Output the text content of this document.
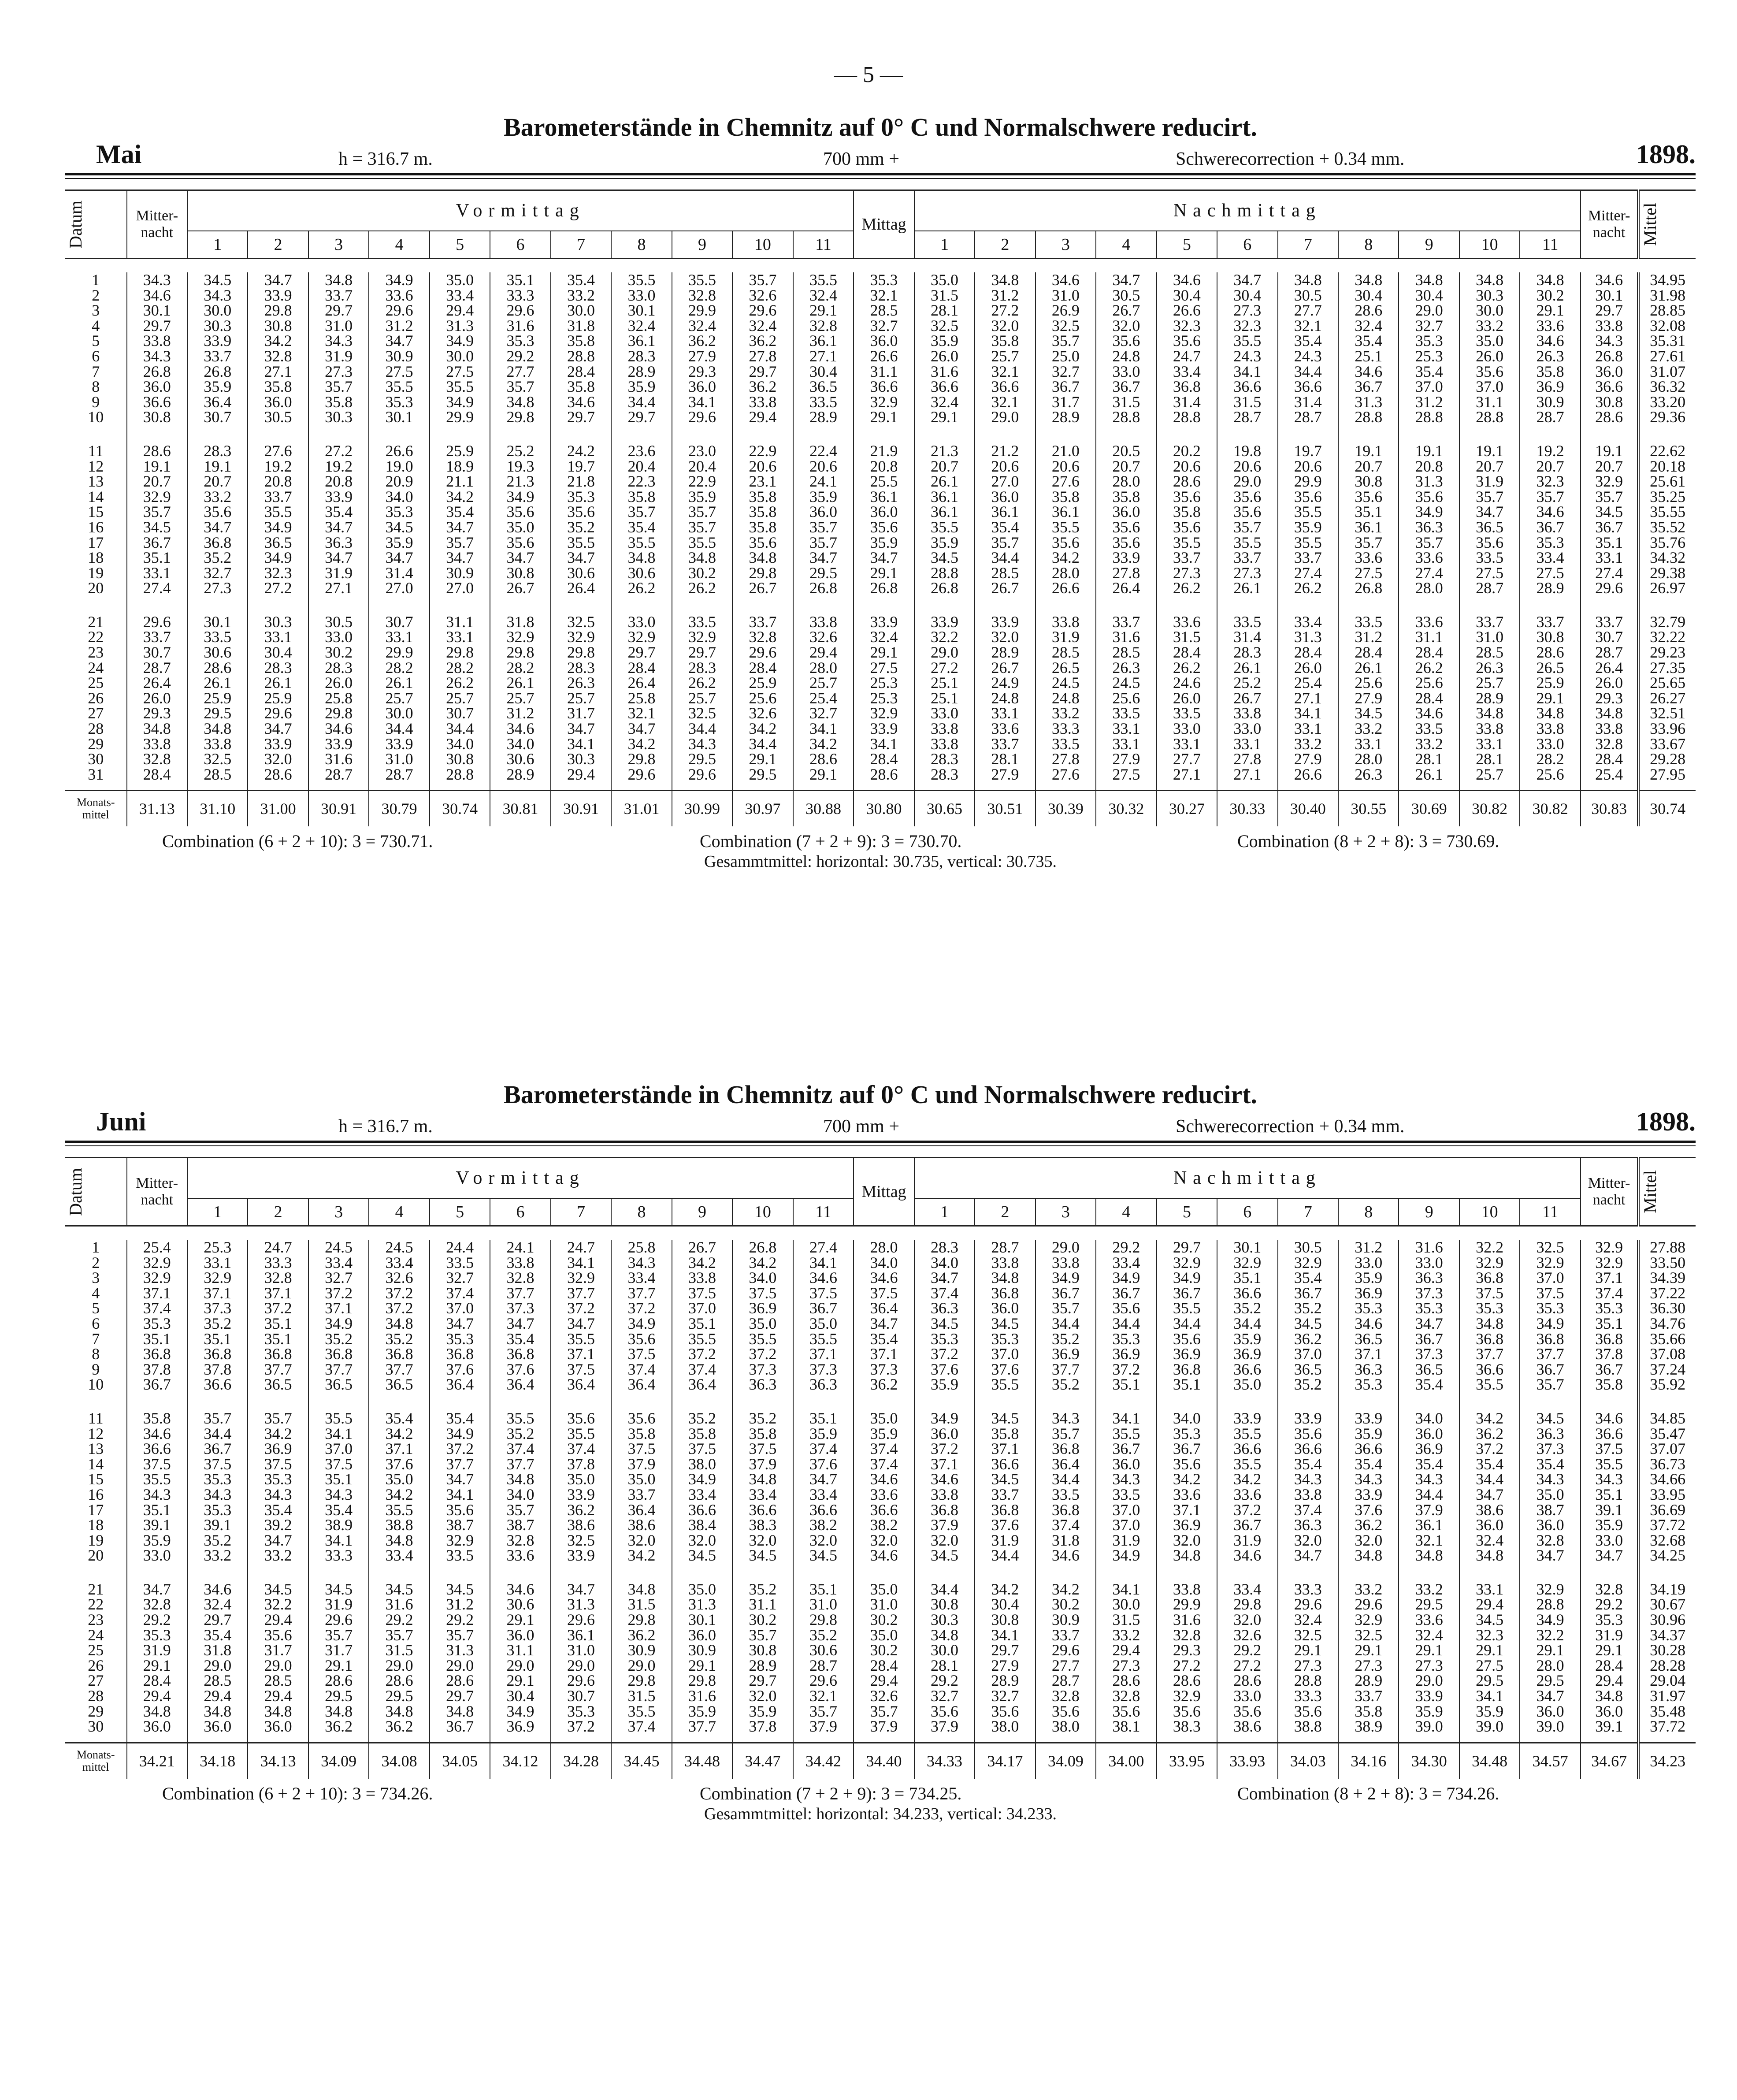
— 5 —
Barometerstände in Chemnitz auf 0° C und Normalschwere reducirt.
Mai	h = 316.7 m.	700 mm +	Schwerecorrection + 0.34 mm.	1898.
Datum	Mitter-nacht	Vormittag											Mittag	Nachmittag											Mitter-nacht	Mittel

		1	2	3	4	5	6	7	8	9	10	11		1	2	3	4	5	6	7	8	9	10	11		

1	34.3	34.5	34.7	34.8	34.9	35.0	35.1	35.4	35.5	35.5	35.7	35.5	35.3	35.0	34.8	34.6	34.7	34.6	34.7	34.8	34.8	34.8	34.8	34.8	34.6	34.95
2	34.6	34.3	33.9	33.7	33.6	33.4	33.3	33.2	33.0	32.8	32.6	32.4	32.1	31.5	31.2	31.0	30.5	30.4	30.4	30.5	30.4	30.4	30.3	30.2	30.1	31.98
3	30.1	30.0	29.8	29.7	29.6	29.4	29.6	30.0	30.1	29.9	29.6	29.1	28.5	28.1	27.2	26.9	26.7	26.6	27.3	27.7	28.6	29.0	30.0	29.1	29.7	28.85
4	29.7	30.3	30.8	31.0	31.2	31.3	31.6	31.8	32.4	32.4	32.4	32.8	32.7	32.5	32.0	32.5	32.0	32.3	32.3	32.1	32.4	32.7	33.2	33.6	33.8	32.08
5	33.8	33.9	34.2	34.3	34.7	34.9	35.3	35.8	36.1	36.2	36.2	36.1	36.0	35.9	35.8	35.7	35.6	35.6	35.5	35.4	35.4	35.3	35.0	34.6	34.3	35.31
6	34.3	33.7	32.8	31.9	30.9	30.0	29.2	28.8	28.3	27.9	27.8	27.1	26.6	26.0	25.7	25.0	24.8	24.7	24.3	24.3	25.1	25.3	26.0	26.3	26.8	27.61
7	26.8	26.8	27.1	27.3	27.5	27.5	27.7	28.4	28.9	29.3	29.7	30.4	31.1	31.6	32.1	32.7	33.0	33.4	34.1	34.4	34.6	35.4	35.6	35.8	36.0	31.07
8	36.0	35.9	35.8	35.7	35.5	35.5	35.7	35.8	35.9	36.0	36.2	36.5	36.6	36.6	36.6	36.7	36.7	36.8	36.6	36.6	36.7	37.0	37.0	36.9	36.6	36.32
9	36.6	36.4	36.0	35.8	35.3	34.9	34.8	34.6	34.4	34.1	33.8	33.5	32.9	32.4	32.1	31.7	31.5	31.4	31.5	31.4	31.3	31.2	31.1	30.9	30.8	33.20
10	30.8	30.7	30.5	30.3	30.1	29.9	29.8	29.7	29.7	29.6	29.4	28.9	29.1	29.1	29.0	28.9	28.8	28.8	28.7	28.7	28.8	28.8	28.8	28.7	28.6	29.36

11	28.6	28.3	27.6	27.2	26.6	25.9	25.2	24.2	23.6	23.0	22.9	22.4	21.9	21.3	21.2	21.0	20.5	20.2	19.8	19.7	19.1	19.1	19.1	19.2	19.1	22.62
12	19.1	19.1	19.2	19.2	19.0	18.9	19.3	19.7	20.4	20.4	20.6	20.6	20.8	20.7	20.6	20.6	20.7	20.6	20.6	20.6	20.7	20.8	20.7	20.7	20.7	20.18
13	20.7	20.7	20.8	20.8	20.9	21.1	21.3	21.8	22.3	22.9	23.1	24.1	25.5	26.1	27.0	27.6	28.0	28.6	29.0	29.9	30.8	31.3	31.9	32.3	32.9	25.61
14	32.9	33.2	33.7	33.9	34.0	34.2	34.9	35.3	35.8	35.9	35.8	35.9	36.1	36.1	36.0	35.8	35.8	35.6	35.6	35.6	35.6	35.6	35.7	35.7	35.7	35.25
15	35.7	35.6	35.5	35.4	35.3	35.4	35.6	35.6	35.7	35.7	35.8	36.0	36.0	36.1	36.1	36.1	36.0	35.8	35.6	35.5	35.1	34.9	34.7	34.6	34.5	35.55
16	34.5	34.7	34.9	34.7	34.5	34.7	35.0	35.2	35.4	35.7	35.8	35.7	35.6	35.5	35.4	35.5	35.6	35.6	35.7	35.9	36.1	36.3	36.5	36.7	36.7	35.52
17	36.7	36.8	36.5	36.3	35.9	35.7	35.6	35.5	35.5	35.5	35.6	35.7	35.9	35.9	35.7	35.6	35.6	35.5	35.5	35.5	35.7	35.7	35.6	35.3	35.1	35.76
18	35.1	35.2	34.9	34.7	34.7	34.7	34.7	34.7	34.8	34.8	34.8	34.7	34.7	34.5	34.4	34.2	33.9	33.7	33.7	33.7	33.6	33.6	33.5	33.4	33.1	34.32
19	33.1	32.7	32.3	31.9	31.4	30.9	30.8	30.6	30.6	30.2	29.8	29.5	29.1	28.8	28.5	28.0	27.8	27.3	27.3	27.4	27.5	27.4	27.5	27.5	27.4	29.38
20	27.4	27.3	27.2	27.1	27.0	27.0	26.7	26.4	26.2	26.2	26.7	26.8	26.8	26.8	26.7	26.6	26.4	26.2	26.1	26.2	26.8	28.0	28.7	28.9	29.6	26.97

21	29.6	30.1	30.3	30.5	30.7	31.1	31.8	32.5	33.0	33.5	33.7	33.8	33.9	33.9	33.9	33.8	33.7	33.6	33.5	33.4	33.5	33.6	33.7	33.7	33.7	32.79
22	33.7	33.5	33.1	33.0	33.1	33.1	32.9	32.9	32.9	32.9	32.8	32.6	32.4	32.2	32.0	31.9	31.6	31.5	31.4	31.3	31.2	31.1	31.0	30.8	30.7	32.22
23	30.7	30.6	30.4	30.2	29.9	29.8	29.8	29.8	29.7	29.7	29.6	29.4	29.1	29.0	28.9	28.5	28.5	28.4	28.3	28.4	28.4	28.4	28.5	28.6	28.7	29.23
24	28.7	28.6	28.3	28.3	28.2	28.2	28.2	28.3	28.4	28.3	28.4	28.0	27.5	27.2	26.7	26.5	26.3	26.2	26.1	26.0	26.1	26.2	26.3	26.5	26.4	27.35
25	26.4	26.1	26.1	26.0	26.1	26.2	26.1	26.3	26.4	26.2	25.9	25.7	25.3	25.1	24.9	24.5	24.5	24.6	25.2	25.4	25.6	25.6	25.7	25.9	26.0	25.65
26	26.0	25.9	25.9	25.8	25.7	25.7	25.7	25.7	25.8	25.7	25.6	25.4	25.3	25.1	24.8	24.8	25.6	26.0	26.7	27.1	27.9	28.4	28.9	29.1	29.3	26.27
27	29.3	29.5	29.6	29.8	30.0	30.7	31.2	31.7	32.1	32.5	32.6	32.7	32.9	33.0	33.1	33.2	33.5	33.5	33.8	34.1	34.5	34.6	34.8	34.8	34.8	32.51
28	34.8	34.8	34.7	34.6	34.4	34.4	34.6	34.7	34.7	34.4	34.2	34.1	33.9	33.8	33.6	33.3	33.1	33.0	33.0	33.1	33.2	33.5	33.8	33.8	33.8	33.96
29	33.8	33.8	33.9	33.9	33.9	34.0	34.0	34.1	34.2	34.3	34.4	34.2	34.1	33.8	33.7	33.5	33.1	33.1	33.1	33.2	33.1	33.2	33.1	33.0	32.8	33.67
30	32.8	32.5	32.0	31.6	31.0	30.8	30.6	30.3	29.8	29.5	29.1	28.6	28.4	28.3	28.1	27.8	27.9	27.7	27.8	27.9	28.0	28.1	28.1	28.2	28.4	29.28
31	28.4	28.5	28.6	28.7	28.7	28.8	28.9	29.4	29.6	29.6	29.5	29.1	28.6	28.3	27.9	27.6	27.5	27.1	27.1	26.6	26.3	26.1	25.7	25.6	25.4	27.95
Monats-mittel	31.13	31.10	31.00	30.91	30.79	30.74	30.81	30.91	31.01	30.99	30.97	30.88	30.80	30.65	30.51	30.39	30.32	30.27	30.33	30.40	30.55	30.69	30.82	30.82	30.83	30.74
Combination (6 + 2 + 10): 3 = 730.71.	Combination (7 + 2 + 9): 3 = 730.70.	Combination (8 + 2 + 8): 3 = 730.69.
Gesammtmittel: horizontal: 30.735, vertical: 30.735.
Barometerstände in Chemnitz auf 0° C und Normalschwere reducirt.
Juni	h = 316.7 m.	700 mm +	Schwerecorrection + 0.34 mm.	1898.
Datum	Mitter-nacht	Vormittag											Mittag	Nachmittag											Mitter-nacht	Mittel

		1	2	3	4	5	6	7	8	9	10	11		1	2	3	4	5	6	7	8	9	10	11		

1	25.4	25.3	24.7	24.5	24.5	24.4	24.1	24.7	25.8	26.7	26.8	27.4	28.0	28.3	28.7	29.0	29.2	29.7	30.1	30.5	31.2	31.6	32.2	32.5	32.9	27.88
2	32.9	33.1	33.3	33.4	33.4	33.5	33.8	34.1	34.3	34.2	34.2	34.1	34.0	34.0	33.8	33.8	33.4	32.9	32.9	32.9	33.0	33.0	32.9	32.9	32.9	33.50
3	32.9	32.9	32.8	32.7	32.6	32.7	32.8	32.9	33.4	33.8	34.0	34.6	34.6	34.7	34.8	34.9	34.9	34.9	35.1	35.4	35.9	36.3	36.8	37.0	37.1	34.39
4	37.1	37.1	37.1	37.2	37.2	37.4	37.7	37.7	37.7	37.5	37.5	37.5	37.5	37.4	36.8	36.7	36.7	36.7	36.6	36.7	36.9	37.3	37.5	37.5	37.4	37.22
5	37.4	37.3	37.2	37.1	37.2	37.0	37.3	37.2	37.2	37.0	36.9	36.7	36.4	36.3	36.0	35.7	35.6	35.5	35.2	35.2	35.3	35.3	35.3	35.3	35.3	36.30
6	35.3	35.2	35.1	34.9	34.8	34.7	34.7	34.7	34.9	35.1	35.0	35.0	34.7	34.5	34.5	34.4	34.4	34.4	34.4	34.5	34.6	34.7	34.8	34.9	35.1	34.76
7	35.1	35.1	35.1	35.2	35.2	35.3	35.4	35.5	35.6	35.5	35.5	35.5	35.4	35.3	35.3	35.2	35.3	35.6	35.9	36.2	36.5	36.7	36.8	36.8	36.8	35.66
8	36.8	36.8	36.8	36.8	36.8	36.8	36.8	37.1	37.5	37.2	37.2	37.1	37.1	37.2	37.0	36.9	36.9	36.9	36.9	37.0	37.1	37.3	37.7	37.7	37.8	37.08
9	37.8	37.8	37.7	37.7	37.7	37.6	37.6	37.5	37.4	37.4	37.3	37.3	37.3	37.6	37.6	37.7	37.2	36.8	36.6	36.5	36.3	36.5	36.6	36.7	36.7	37.24
10	36.7	36.6	36.5	36.5	36.5	36.4	36.4	36.4	36.4	36.4	36.3	36.3	36.2	35.9	35.5	35.2	35.1	35.1	35.0	35.2	35.3	35.4	35.5	35.7	35.8	35.92

11	35.8	35.7	35.7	35.5	35.4	35.4	35.5	35.6	35.6	35.2	35.2	35.1	35.0	34.9	34.5	34.3	34.1	34.0	33.9	33.9	33.9	34.0	34.2	34.5	34.6	34.85
12	34.6	34.4	34.2	34.1	34.2	34.9	35.2	35.5	35.8	35.8	35.8	35.9	35.9	36.0	35.8	35.7	35.5	35.3	35.5	35.6	35.9	36.0	36.2	36.3	36.6	35.47
13	36.6	36.7	36.9	37.0	37.1	37.2	37.4	37.4	37.5	37.5	37.5	37.4	37.4	37.2	37.1	36.8	36.7	36.7	36.6	36.6	36.6	36.9	37.2	37.3	37.5	37.07
14	37.5	37.5	37.5	37.5	37.6	37.7	37.7	37.8	37.9	38.0	37.9	37.6	37.4	37.1	36.6	36.4	36.0	35.6	35.5	35.4	35.4	35.4	35.4	35.4	35.5	36.73
15	35.5	35.3	35.3	35.1	35.0	34.7	34.8	35.0	35.0	34.9	34.8	34.7	34.6	34.6	34.5	34.4	34.3	34.2	34.2	34.3	34.3	34.3	34.4	34.3	34.3	34.66
16	34.3	34.3	34.3	34.3	34.2	34.1	34.0	33.9	33.7	33.4	33.4	33.4	33.6	33.8	33.7	33.5	33.5	33.6	33.6	33.8	33.9	34.4	34.7	35.0	35.1	33.95
17	35.1	35.3	35.4	35.4	35.5	35.6	35.7	36.2	36.4	36.6	36.6	36.6	36.6	36.8	36.8	36.8	37.0	37.1	37.2	37.4	37.6	37.9	38.6	38.7	39.1	36.69
18	39.1	39.1	39.2	38.9	38.8	38.7	38.7	38.6	38.6	38.4	38.3	38.2	38.2	37.9	37.6	37.4	37.0	36.9	36.7	36.3	36.2	36.1	36.0	36.0	35.9	37.72
19	35.9	35.2	34.7	34.1	34.8	32.9	32.8	32.5	32.0	32.0	32.0	32.0	32.0	32.0	31.9	31.8	31.9	32.0	31.9	32.0	32.0	32.1	32.4	32.8	33.0	32.68
20	33.0	33.2	33.2	33.3	33.4	33.5	33.6	33.9	34.2	34.5	34.5	34.5	34.6	34.5	34.4	34.6	34.9	34.8	34.6	34.7	34.8	34.8	34.8	34.7	34.7	34.25

21	34.7	34.6	34.5	34.5	34.5	34.5	34.6	34.7	34.8	35.0	35.2	35.1	35.0	34.4	34.2	34.2	34.1	33.8	33.4	33.3	33.2	33.2	33.1	32.9	32.8	34.19
22	32.8	32.4	32.2	31.9	31.6	31.2	30.6	31.3	31.5	31.3	31.1	31.0	31.0	30.8	30.4	30.2	30.0	29.9	29.8	29.6	29.6	29.5	29.4	28.8	29.2	30.67
23	29.2	29.7	29.4	29.6	29.2	29.2	29.1	29.6	29.8	30.1	30.2	29.8	30.2	30.3	30.8	30.9	31.5	31.6	32.0	32.4	32.9	33.6	34.5	34.9	35.3	30.96
24	35.3	35.4	35.6	35.7	35.7	35.7	36.0	36.1	36.2	36.0	35.7	35.2	35.0	34.8	34.1	33.7	33.2	32.8	32.6	32.5	32.5	32.4	32.3	32.2	31.9	34.37
25	31.9	31.8	31.7	31.7	31.5	31.3	31.1	31.0	30.9	30.9	30.8	30.6	30.2	30.0	29.7	29.6	29.4	29.3	29.2	29.1	29.1	29.1	29.1	29.1	29.1	30.28
26	29.1	29.0	29.0	29.1	29.0	29.0	29.0	29.0	29.0	29.1	28.9	28.7	28.4	28.1	27.9	27.7	27.3	27.2	27.2	27.3	27.3	27.3	27.5	28.0	28.4	28.28
27	28.4	28.5	28.5	28.6	28.6	28.6	29.1	29.6	29.8	29.8	29.7	29.6	29.4	29.2	28.9	28.7	28.6	28.6	28.6	28.8	28.9	29.0	29.5	29.5	29.4	29.04
28	29.4	29.4	29.4	29.5	29.5	29.7	30.4	30.7	31.5	31.6	32.0	32.1	32.6	32.7	32.7	32.8	32.8	32.9	33.0	33.3	33.7	33.9	34.1	34.7	34.8	31.97
29	34.8	34.8	34.8	34.8	34.8	34.8	34.9	35.3	35.5	35.9	35.9	35.7	35.7	35.6	35.6	35.6	35.6	35.6	35.6	35.6	35.8	35.9	35.9	36.0	36.0	35.48
30	36.0	36.0	36.0	36.2	36.2	36.7	36.9	37.2	37.4	37.7	37.8	37.9	37.9	37.9	38.0	38.0	38.1	38.3	38.6	38.8	38.9	39.0	39.0	39.0	39.1	37.72
Monats-mittel	34.21	34.18	34.13	34.09	34.08	34.05	34.12	34.28	34.45	34.48	34.47	34.42	34.40	34.33	34.17	34.09	34.00	33.95	33.93	34.03	34.16	34.30	34.48	34.57	34.67	34.23
Combination (6 + 2 + 10): 3 = 734.26.	Combination (7 + 2 + 9): 3 = 734.25.	Combination (8 + 2 + 8): 3 = 734.26.
Gesammtmittel: horizontal: 34.233, vertical: 34.233.
